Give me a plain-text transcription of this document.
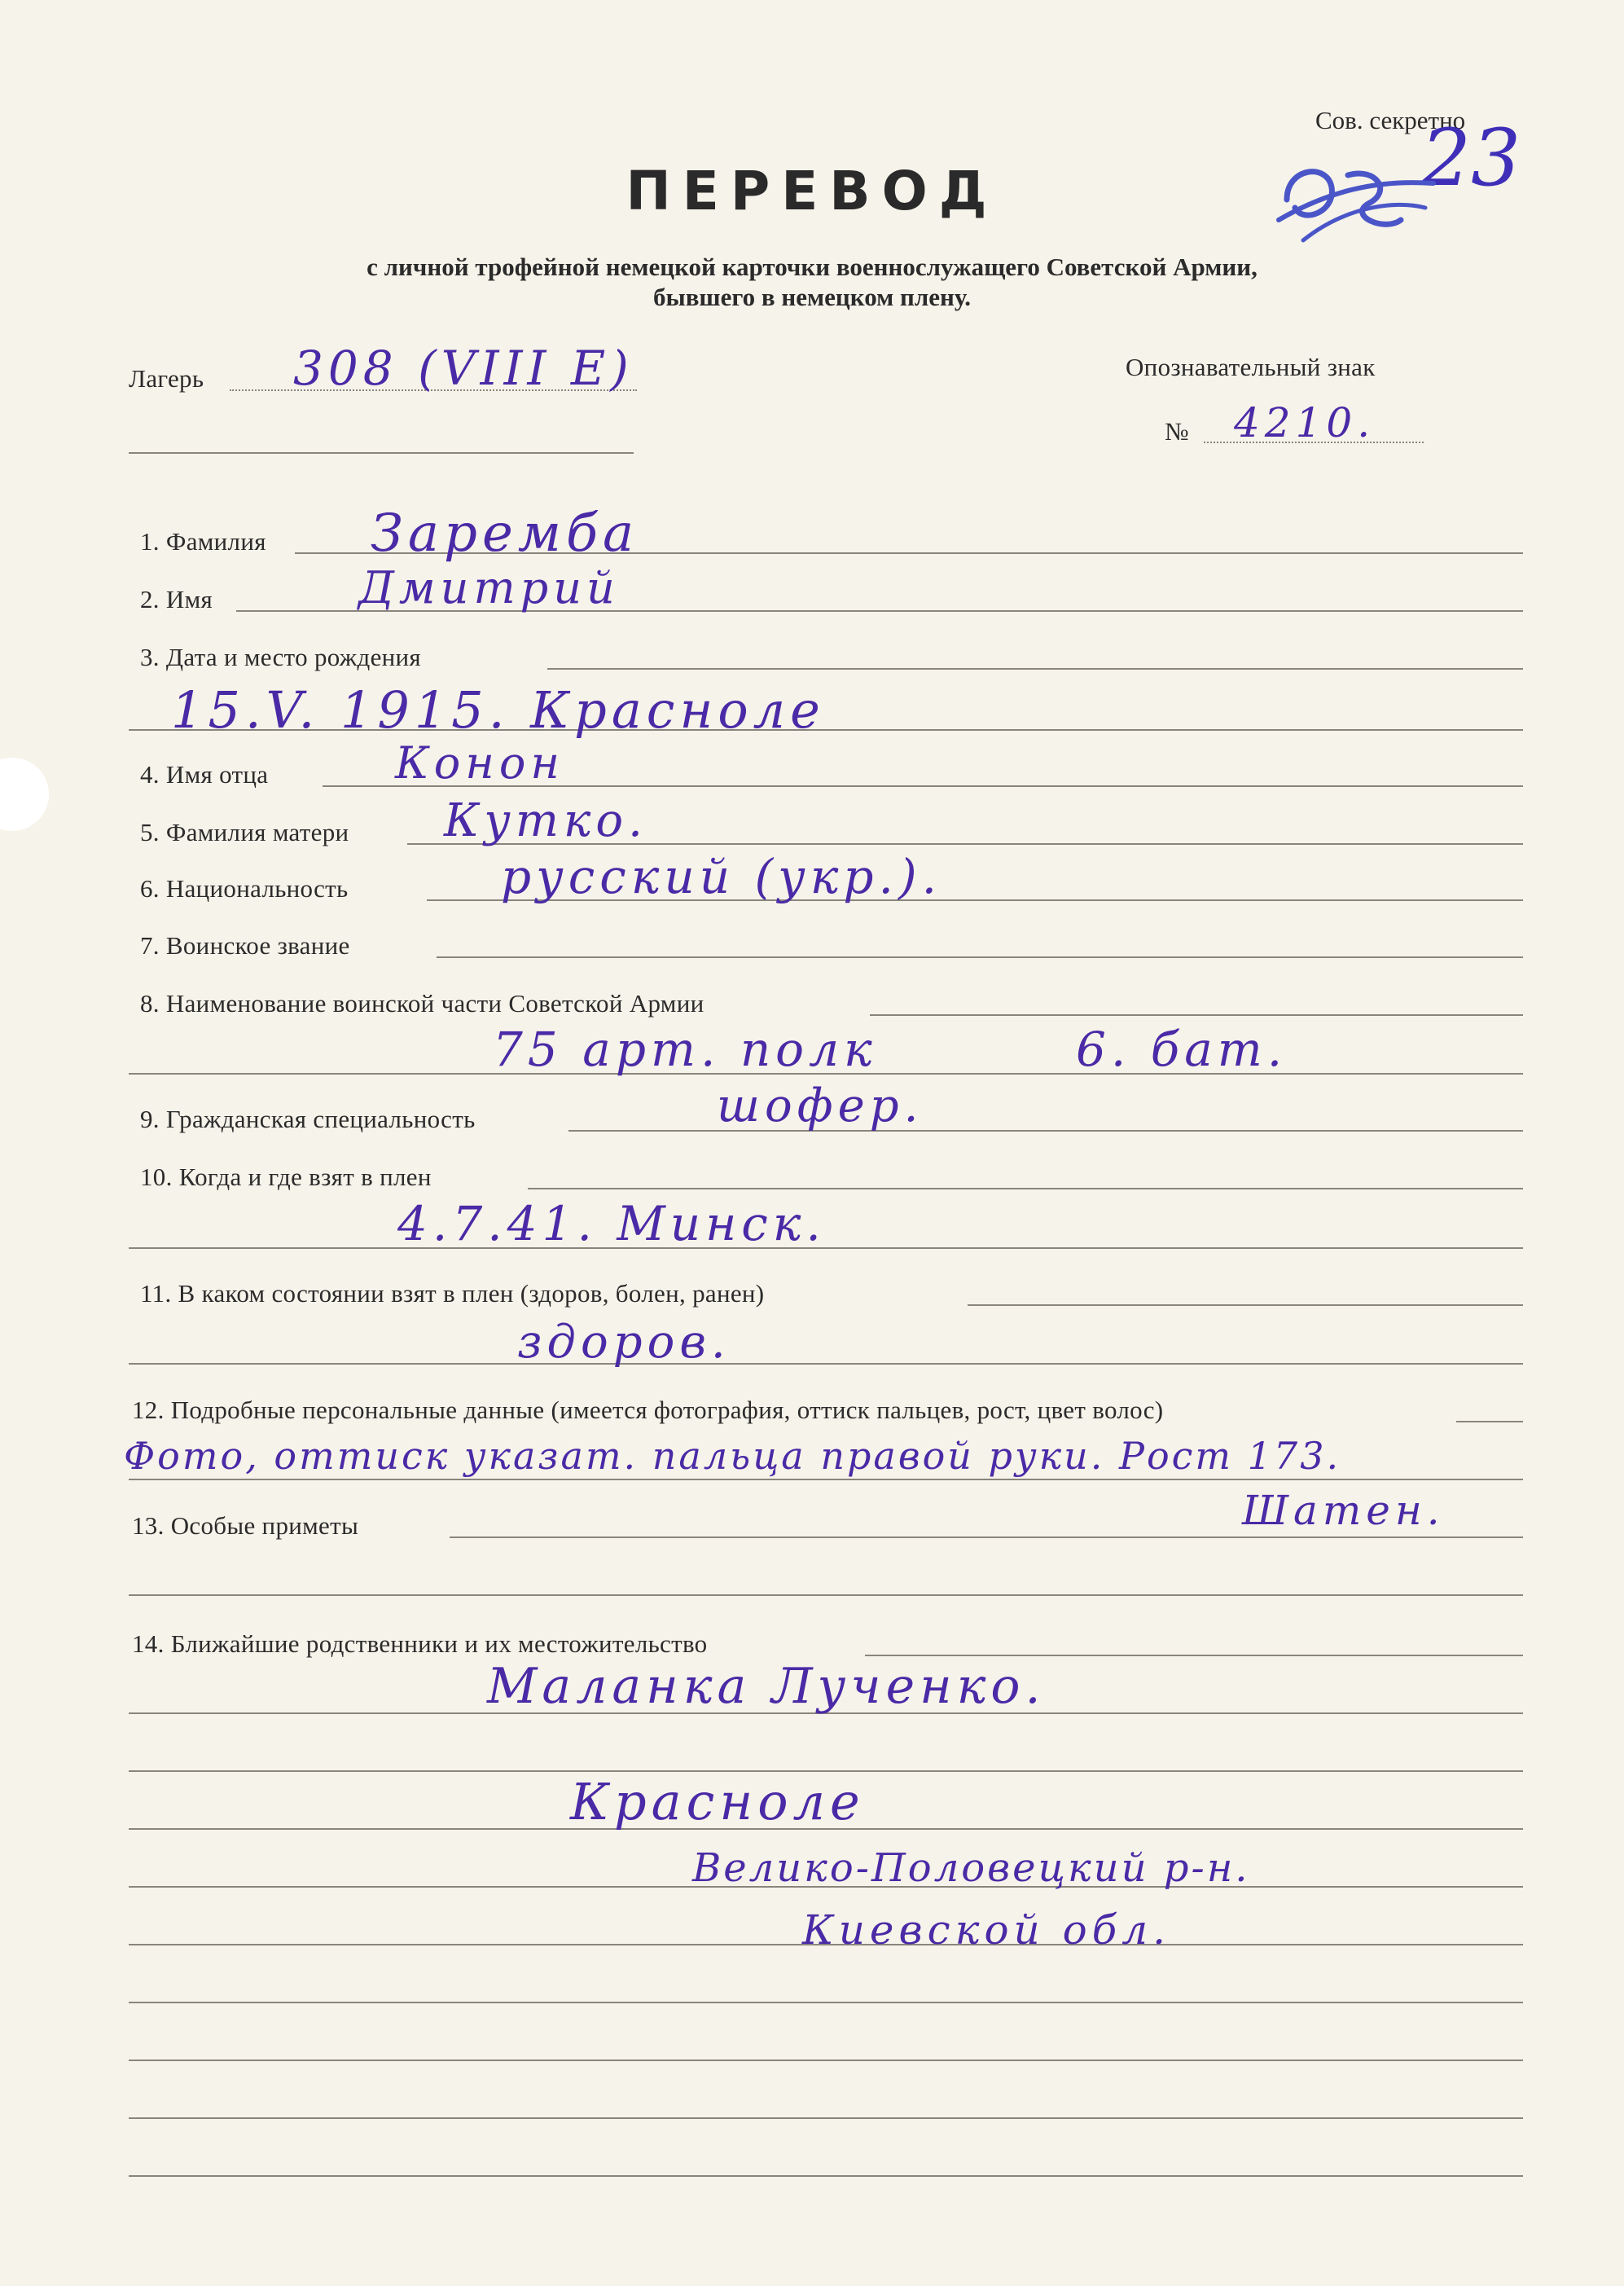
Сов. секретно
23
ПЕРЕВОД
с личной трофейной немецкой карточки военнослужащего Советской Армии,
бывшего в немецком плену.
Лагерь 308 (VIII E)	Опознавательный знак
№ 4210.
1. Фамилия Заремба
2. Имя	Дмитрий
3. Дата и место рождения
15.V. 1915. Красноле
4. Имя отца	Конон
5. Фамилия матери Кутко.
6. Национальность	русский (укр.).
7. Воинское звание
8. Наименование воинской части Советской Армии
75 арт. полк          6. бат.
9. Гражданская специальность	шофер.
10. Когда и где взят в плен
4.7.41. Минск.
11. В каком состоянии взят в плен (здоров, болен, ранен)
здоров.
12. Подробные персональные данные (имеется фотография, оттиск пальцев, рост, цвет волос)
Фото, оттиск указат. пальца правой руки. Рост 173.
13. Особые приметы	Шатен.
14. Ближайшие родственники и их местожительство
Маланка Лученко.
Красноле
Велико-Половецкий р-н.
Киевской обл.
